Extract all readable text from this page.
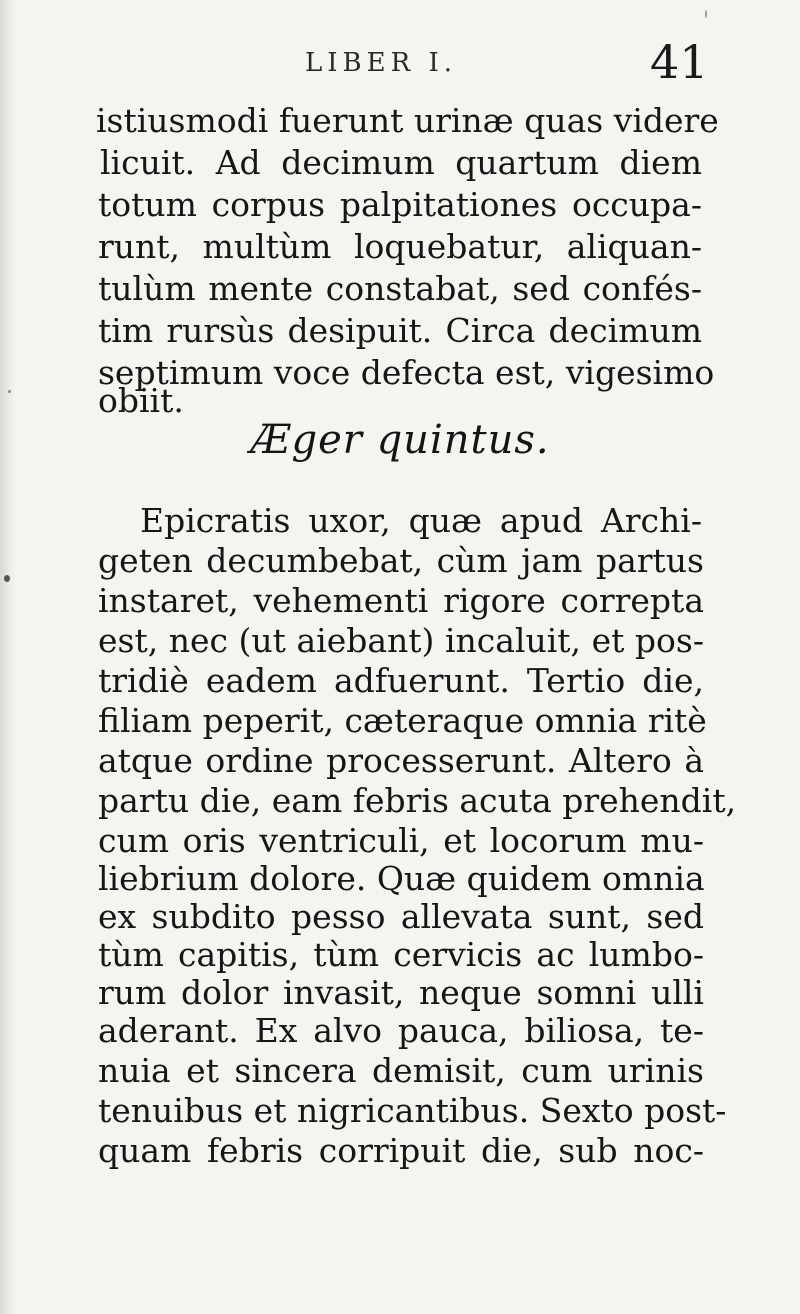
LIBER I.	41
istiusmodi fuerunt urinæ quas videre
licuit. Ad decimum quartum diem
totum corpus palpitationes occupa-
runt, multùm loquebatur, aliquan-
tulùm mente constabat, sed confés-
tim rursùs desipuit. Circa decimum
septimum voce defecta est, vigesimo
obiit.
Æger quintus.
Epicratis uxor, quæ apud Archi-
geten decumbebat, cùm jam partus
instaret, vehementi rigore correpta
est, nec (ut aiebant) incaluit, et pos-
tridiè eadem adfuerunt. Tertio die,
filiam peperit, cæteraque omnia ritè
atque ordine processerunt. Altero à
partu die, eam febris acuta prehendit,
cum oris ventriculi, et locorum mu-
liebrium dolore. Quæ quidem omnia
ex subdito pesso allevata sunt, sed
tùm capitis, tùm cervicis ac lumbo-
rum dolor invasit, neque somni ulli
aderant. Ex alvo pauca, biliosa, te-
nuia et sincera demisit, cum urinis
tenuibus et nigricantibus. Sexto post-
quam febris corripuit die, sub noc-
